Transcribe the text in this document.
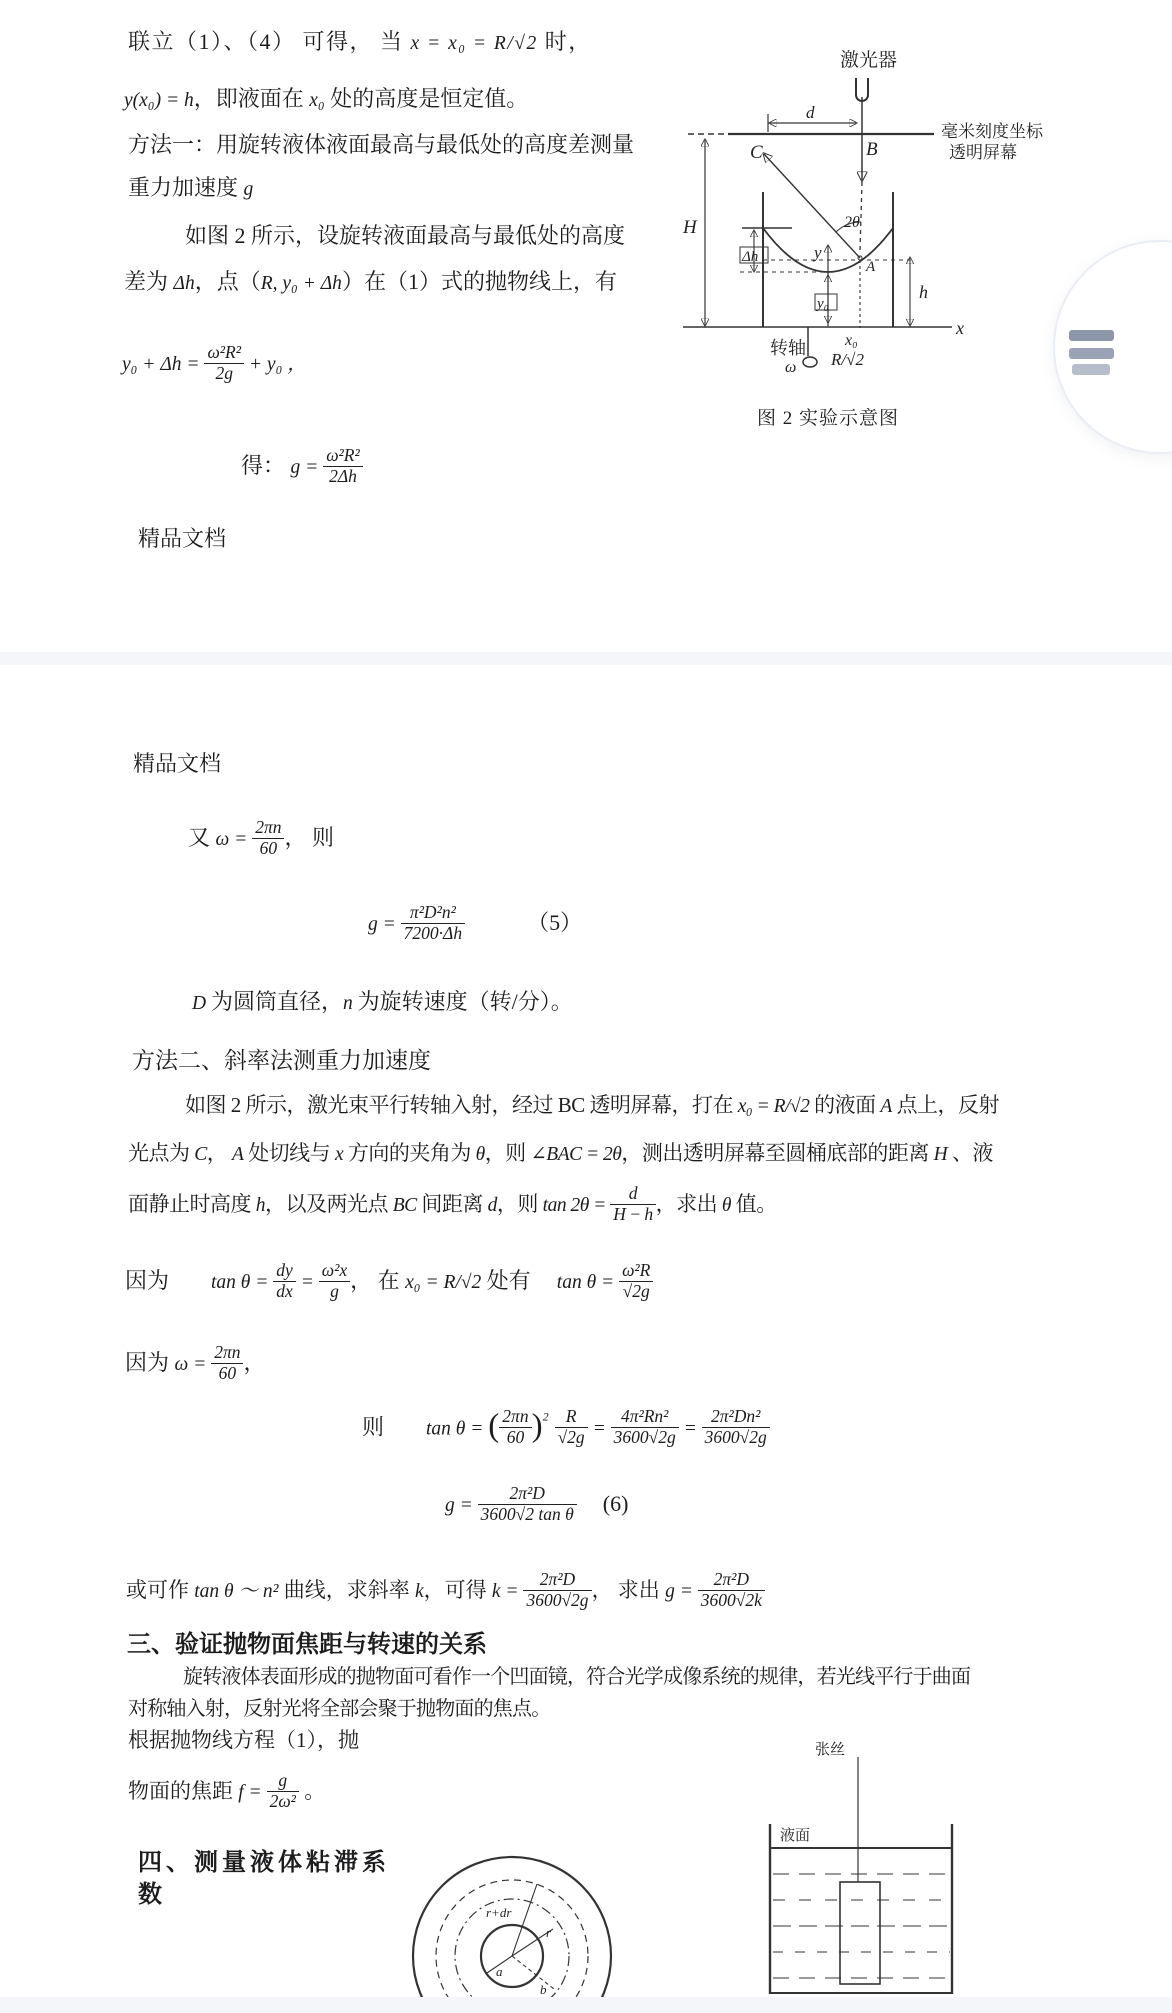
联立（1）、（4） 可得， 当 x = x₀ = R/√2 时，
y(x₀) = h，即液面在 x₀ 处的高度是恒定值。
方法一：用旋转液体液面最高与最低处的高度差测量
重力加速度 g
如图 2 所示，设旋转液面最高与最低处的高度
差为 Δh，点（R, y₀ + Δh）在（1）式的抛物线上，有
$y_0 + \Delta h = \frac{\text{ω²R²}}{2g} + y_0$ ，
得： $g = \frac{\text{ω²R²}}{2\Delta h}$
精品文档
激光器
d
C	B
毫米刻度坐标
透明屏幕
H	2θ
Δh	y
y₀
A
h
x
x₀
R/√2
转轴
ω
图 2 实验示意图
精品文档
又 $\omega = \frac{2\pi n}{60}$ ， 则
$g = \frac{\text{π²D²n²}}{7200\cdot\Delta h}$	（5）
D 为圆筒直径，n 为旋转速度（转/分）。
方法二、斜率法测重力加速度
如图 2 所示，激光束平行转轴入射，经过 BC 透明屏幕，打在 x₀ = R/√2 的液面 A 点上，反射
光点为 C， A 处切线与 x 方向的夹角为 θ，则 ∠BAC = 2θ，测出透明屏幕至圆桶底部的距离 H 、液
面静止时高度 h，以及两光点 BC 间距离 d，则 $\tan 2\theta = \frac{d}{H - h}$ ，求出 θ 值。
因为 $\tan \theta = \frac{dy}{dx} = \frac{\text{ω²x}}{g}$ ， 在 x₀ = R/√2 处有 $\tan \theta = \frac{\text{ω²R}}{√2g}$
因为 $\omega = \frac{2\pi n}{60}$ ，
则 tan θ = ( $\frac{2\pi n}{60} )^2 \frac{R}{√2g} = \frac{\text{4π²Rn²}}{3600√2g} = \frac{\text{2π²Dn²}}{3600√2g}$
$g = \frac{\text{2π²D}}{\text{3600√2 tan θ}} (6)$
或可作 tan θ ～ n² 曲线，求斜率 k，可得 $k = \frac{\text{2π²D}}{3600√2g}$ ， 求出 $g = \frac{\text{2π²D}}{3600√2k}$
三、验证抛物面焦距与转速的关系
旋转液体表面形成的抛物面可看作一个凹面镜，符合光学成像系统的规律，若光线平行于曲面
对称轴入射，反射光将全部会聚于抛物面的焦点。
根据抛物线方程（1），抛
物面的焦距 $f = \frac{g}{\text{2ω²}}$ 。
四、测量液体粘滞系
数
r+dr
r
a
b
张丝
液面
